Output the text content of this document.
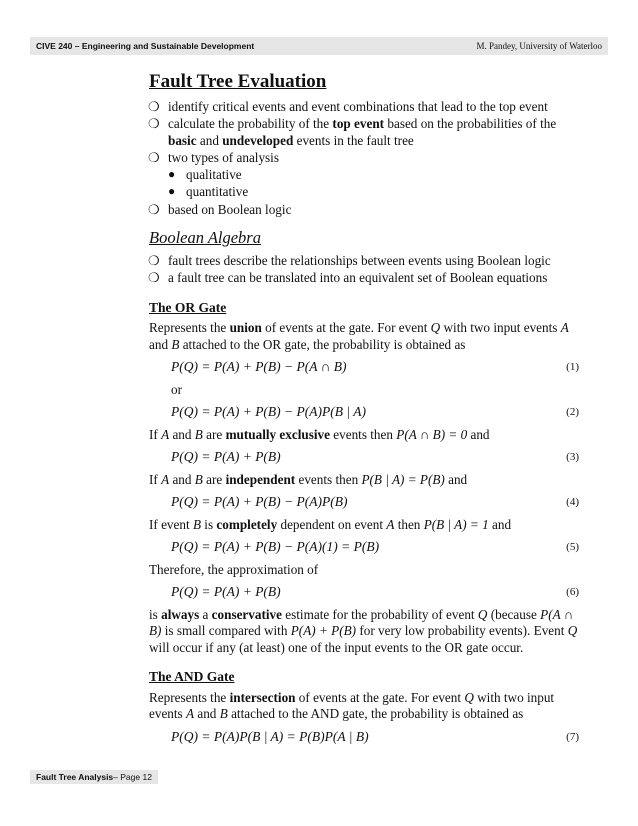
CIVE 240 – Engineering and Sustainable Development	M. Pandey, University of Waterloo
Fault Tree Evaluation
❍ identify critical events and event combinations that lead to the top event
❍ calculate the probability of the top event based on the probabilities of the basic and undeveloped events in the fault tree
❍ two types of analysis
● qualitative
● quantitative
❍ based on Boolean logic
Boolean Algebra
❍ fault trees describe the relationships between events using Boolean logic
❍ a fault tree can be translated into an equivalent set of Boolean equations
The OR Gate

Represents the union of events at the gate. For event Q with two input events A and B attached to the OR gate, the probability is obtained as

P(Q) = P(A) + P(B) − P(A ∩ B)	(1)
or
P(Q) = P(A) + P(B) − P(A)P(B | A)	(2)

If A and B are mutually exclusive events then P(A ∩ B) = 0 and

P(Q) = P(A) + P(B)	(3)

If A and B are independent events then P(B | A) = P(B) and

P(Q) = P(A) + P(B) − P(A)P(B)	(4)

If event B is completely dependent on event A then P(B | A) = 1 and

P(Q) = P(A) + P(B) − P(A)(1) = P(B)	(5)

Therefore, the approximation of

P(Q) = P(A) + P(B)	(6)

is always a conservative estimate for the probability of event Q (because P(A ∩ B) is small compared with P(A) + P(B) for very low probability events). Event Q will occur if any (at least) one of the input events to the OR gate occur.

The AND Gate

Represents the intersection of events at the gate. For event Q with two input events A and B attached to the AND gate, the probability is obtained as

P(Q) = P(A)P(B | A) = P(B)P(A | B)	(7)
Fault Tree Analysis – Page 12
